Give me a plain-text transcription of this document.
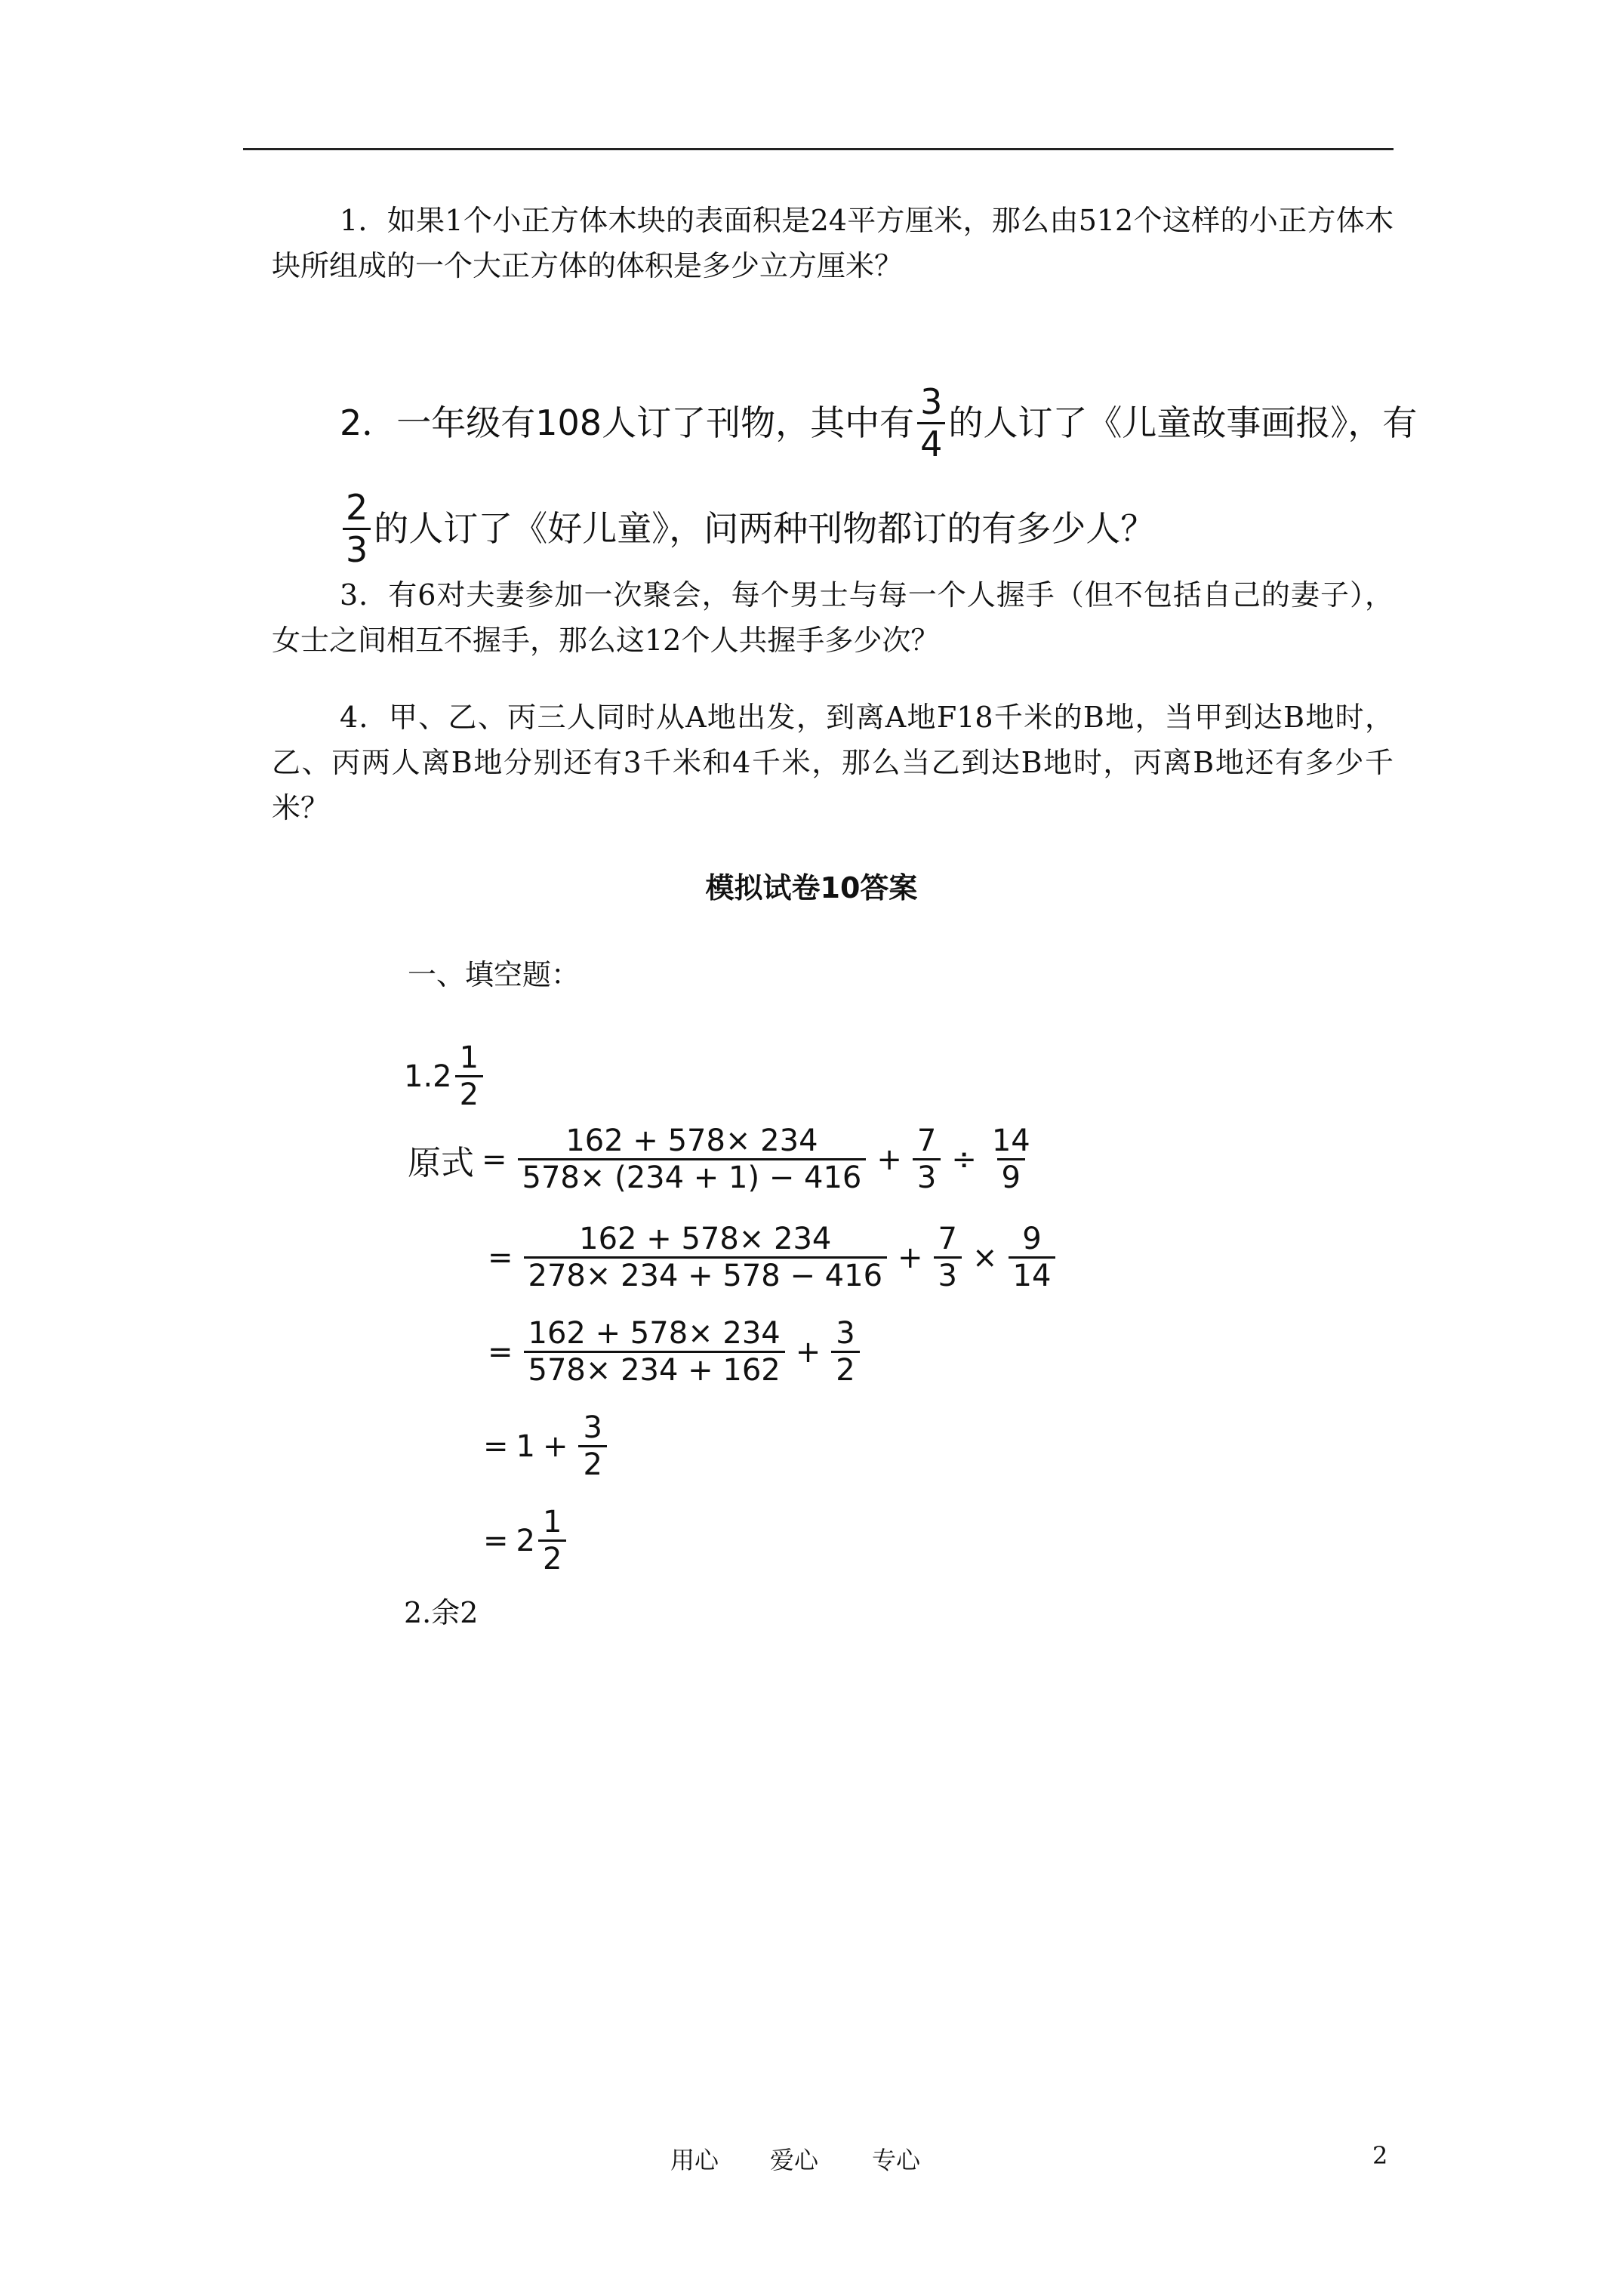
1．如果1个小正方体木块的表面积是24平方厘米，那么由512个这样的小正方体木块所组成的一个大正方体的体积是多少立方厘米？
2．一年级有108人订了刊物，其中有 $\frac{3}{4}$ 的人订了《儿童故事画报》，有
$\frac{2}{3}$ 的人订了《好儿童》，问两种刊物都订的有多少人？
3．有6对夫妻参加一次聚会，每个男士与每一个人握手（但不包括自己的妻子），女士之间相互不握手，那么这12个人共握手多少次？
4．甲、乙、丙三人同时从A地出发，到离A地F18千米的B地，当甲到达B地时，乙、丙两人离B地分别还有3千米和4千米，那么当乙到达B地时，丙离B地还有多少千米？
模拟试卷10答案
一、填空题：
$1.2 \frac{1}{2}$
原式 = $\frac{162 + 578\times 234}{578\times (234 + 1) - 416} + \frac{7}{3} \div \frac{14}{9}$
= $\frac{162 + 578\times 234}{278\times 234 + 578 - 416} + \frac{7}{3} \times \frac{9}{14}$
= $\frac{162 + 578\times 234}{578\times 234 + 162} + \frac{3}{2}$
= $1 + \frac{3}{2}$
= $2 \frac{1}{2}$
2.余2
用心 爱心 专心	2
